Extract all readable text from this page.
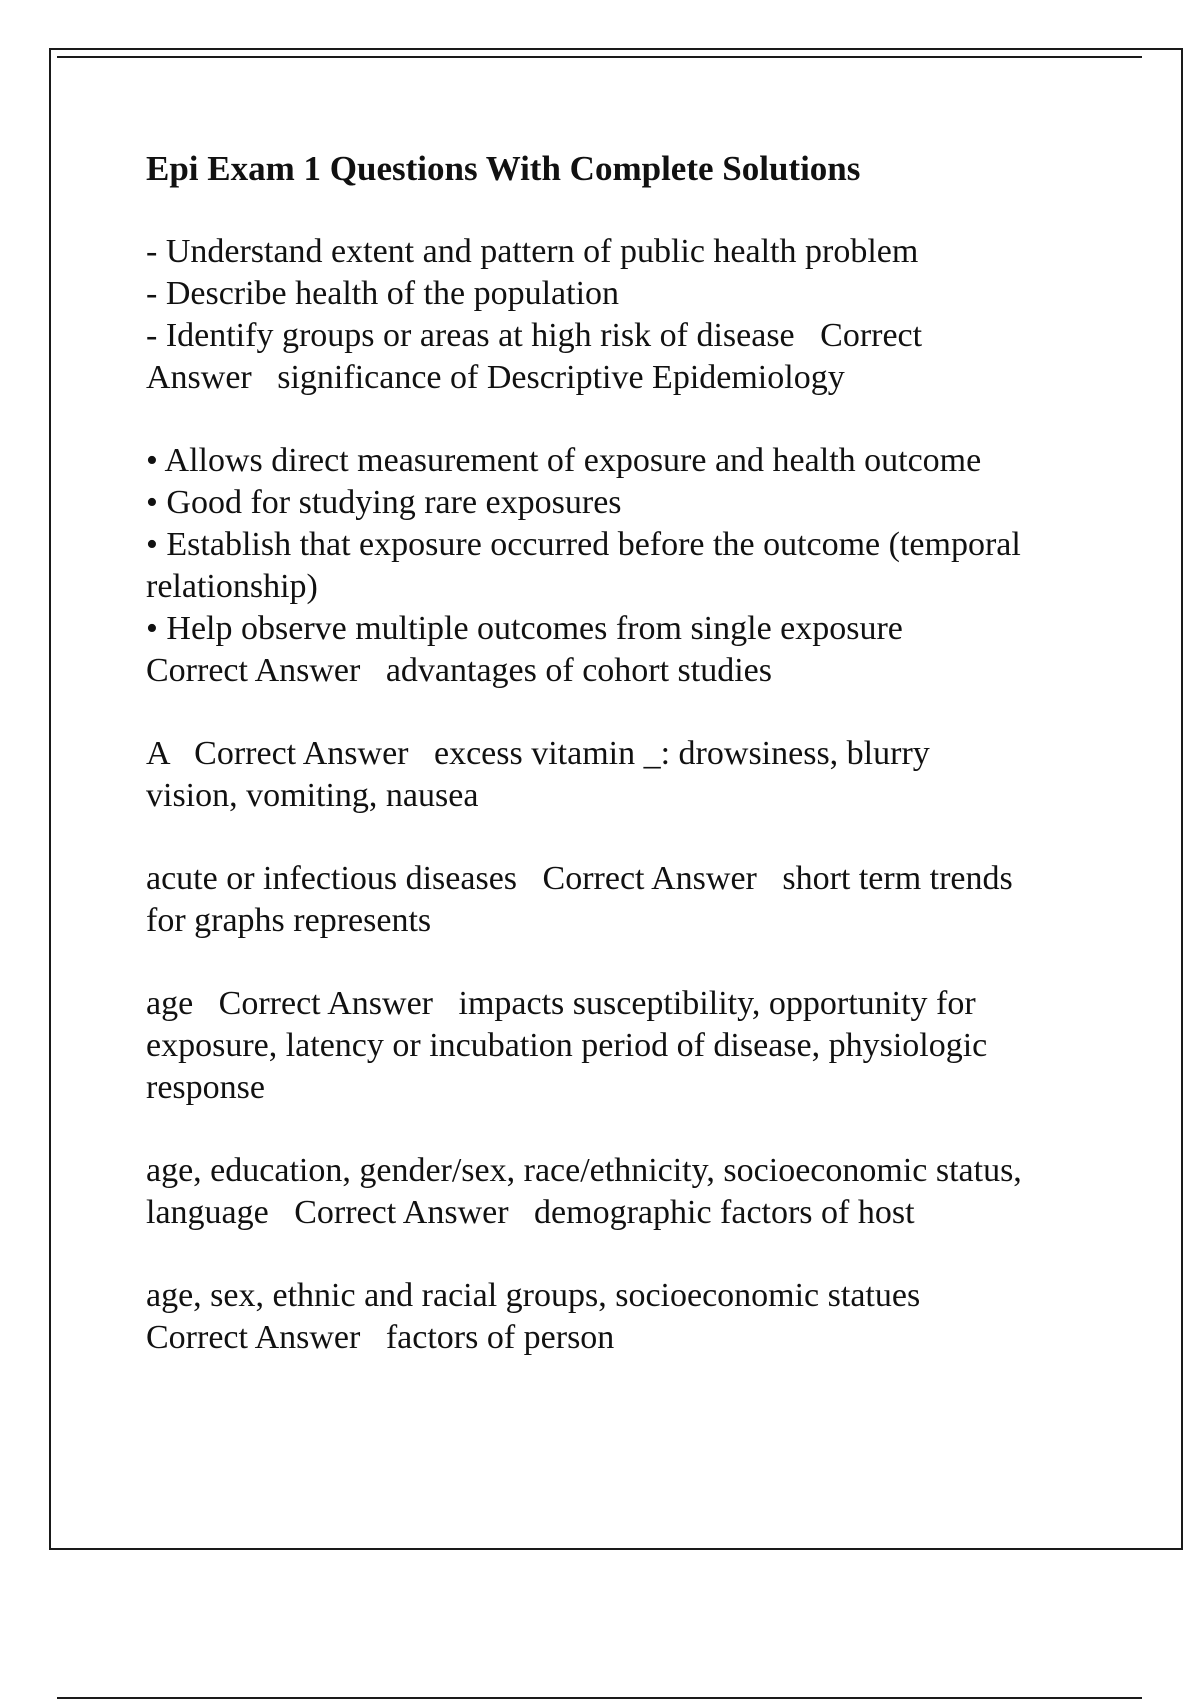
Epi Exam 1 Questions With Complete Solutions
- Understand extent and pattern of public health problem
- Describe health of the population
- Identify groups or areas at high risk of disease   Correct
Answer   significance of Descriptive Epidemiology
• Allows direct measurement of exposure and health outcome
• Good for studying rare exposures
• Establish that exposure occurred before the outcome (temporal
relationship)
• Help observe multiple outcomes from single exposure
Correct Answer   advantages of cohort studies
A   Correct Answer   excess vitamin _: drowsiness, blurry
vision, vomiting, nausea
acute or infectious diseases   Correct Answer   short term trends
for graphs represents
age   Correct Answer   impacts susceptibility, opportunity for
exposure, latency or incubation period of disease, physiologic
response
age, education, gender/sex, race/ethnicity, socioeconomic status,
language   Correct Answer   demographic factors of host
age, sex, ethnic and racial groups, socioeconomic statues
Correct Answer   factors of person
